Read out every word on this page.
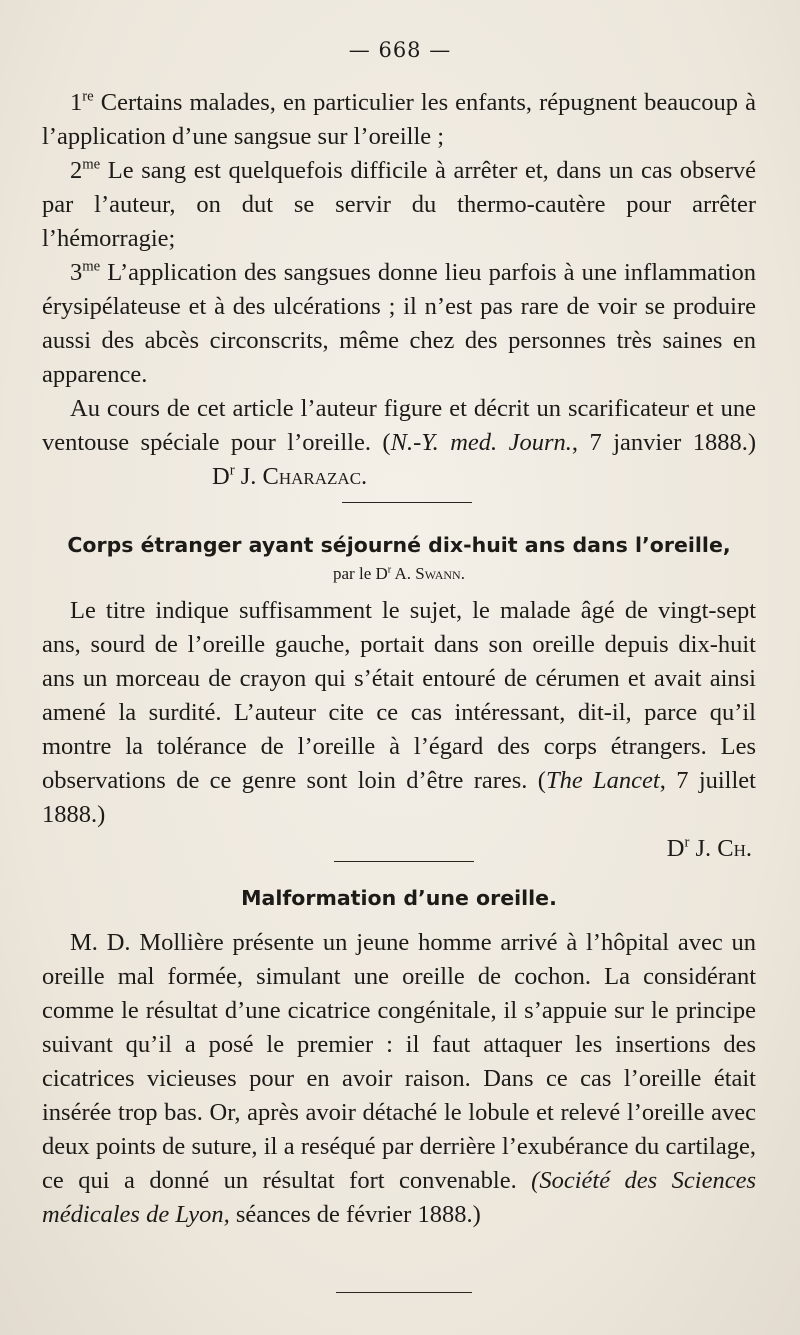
— 668 —

1re Certains malades, en particulier les enfants, répugnent beaucoup à l’application d’une sangsue sur l’oreille ;

$2^{me}$ Le sang est quelquefois difficile à arrêter et, dans un cas observé par l’auteur, on dut se servir du thermo-cautère pour arrêter l’hémorragie;

$3^{me}$ L’application des sangsues donne lieu parfois à une inflammation érysipélateuse et à des ulcérations ; il n’est pas rare de voir se produire aussi des abcès circonscrits, même chez des personnes très saines en apparence.

Au cours de cet article l’auteur figure et décrit un scarificateur et une ventouse spéciale pour l’oreille. (N.-Y. med. Journ., 7 janvier $1888.)D^r$ J. Charazac.

Corps étranger ayant séjourné dix-huit ans dans l’oreille,
par le $D^r$ A. Swann.

Le titre indique suffisamment le sujet, le malade âgé de vingt-sept ans, sourd de l’oreille gauche, portait dans son oreille depuis dix-huit ans un morceau de crayon qui s’était entouré de cérumen et avait ainsi amené la surdité. L’auteur cite ce cas intéressant, dit-il, parce qu’il montre la tolérance de l’oreille à l’égard des corps étrangers. Les observations de ce genre sont loin d’être rares. (The Lancet, 7 juillet 1888.)

$D^r$ J. Ch.

Malformation d’une oreille.

M. D. Mollière présente un jeune homme arrivé à l’hôpital avec un oreille mal formée, simulant une oreille de cochon. La considérant comme le résultat d’une cicatrice congénitale, il s’appuie sur le principe suivant qu’il a posé le premier : il faut attaquer les insertions des cicatrices vicieuses pour en avoir raison. Dans ce cas l’oreille était insérée trop bas. Or, après avoir détaché le lobule et relevé l’oreille avec deux points de suture, il a reséqué par derrière l’exubérance du cartilage, ce qui a donné un résultat fort convenable. (Société des Sciences médicales de Lyon, séances de février 1888.)
